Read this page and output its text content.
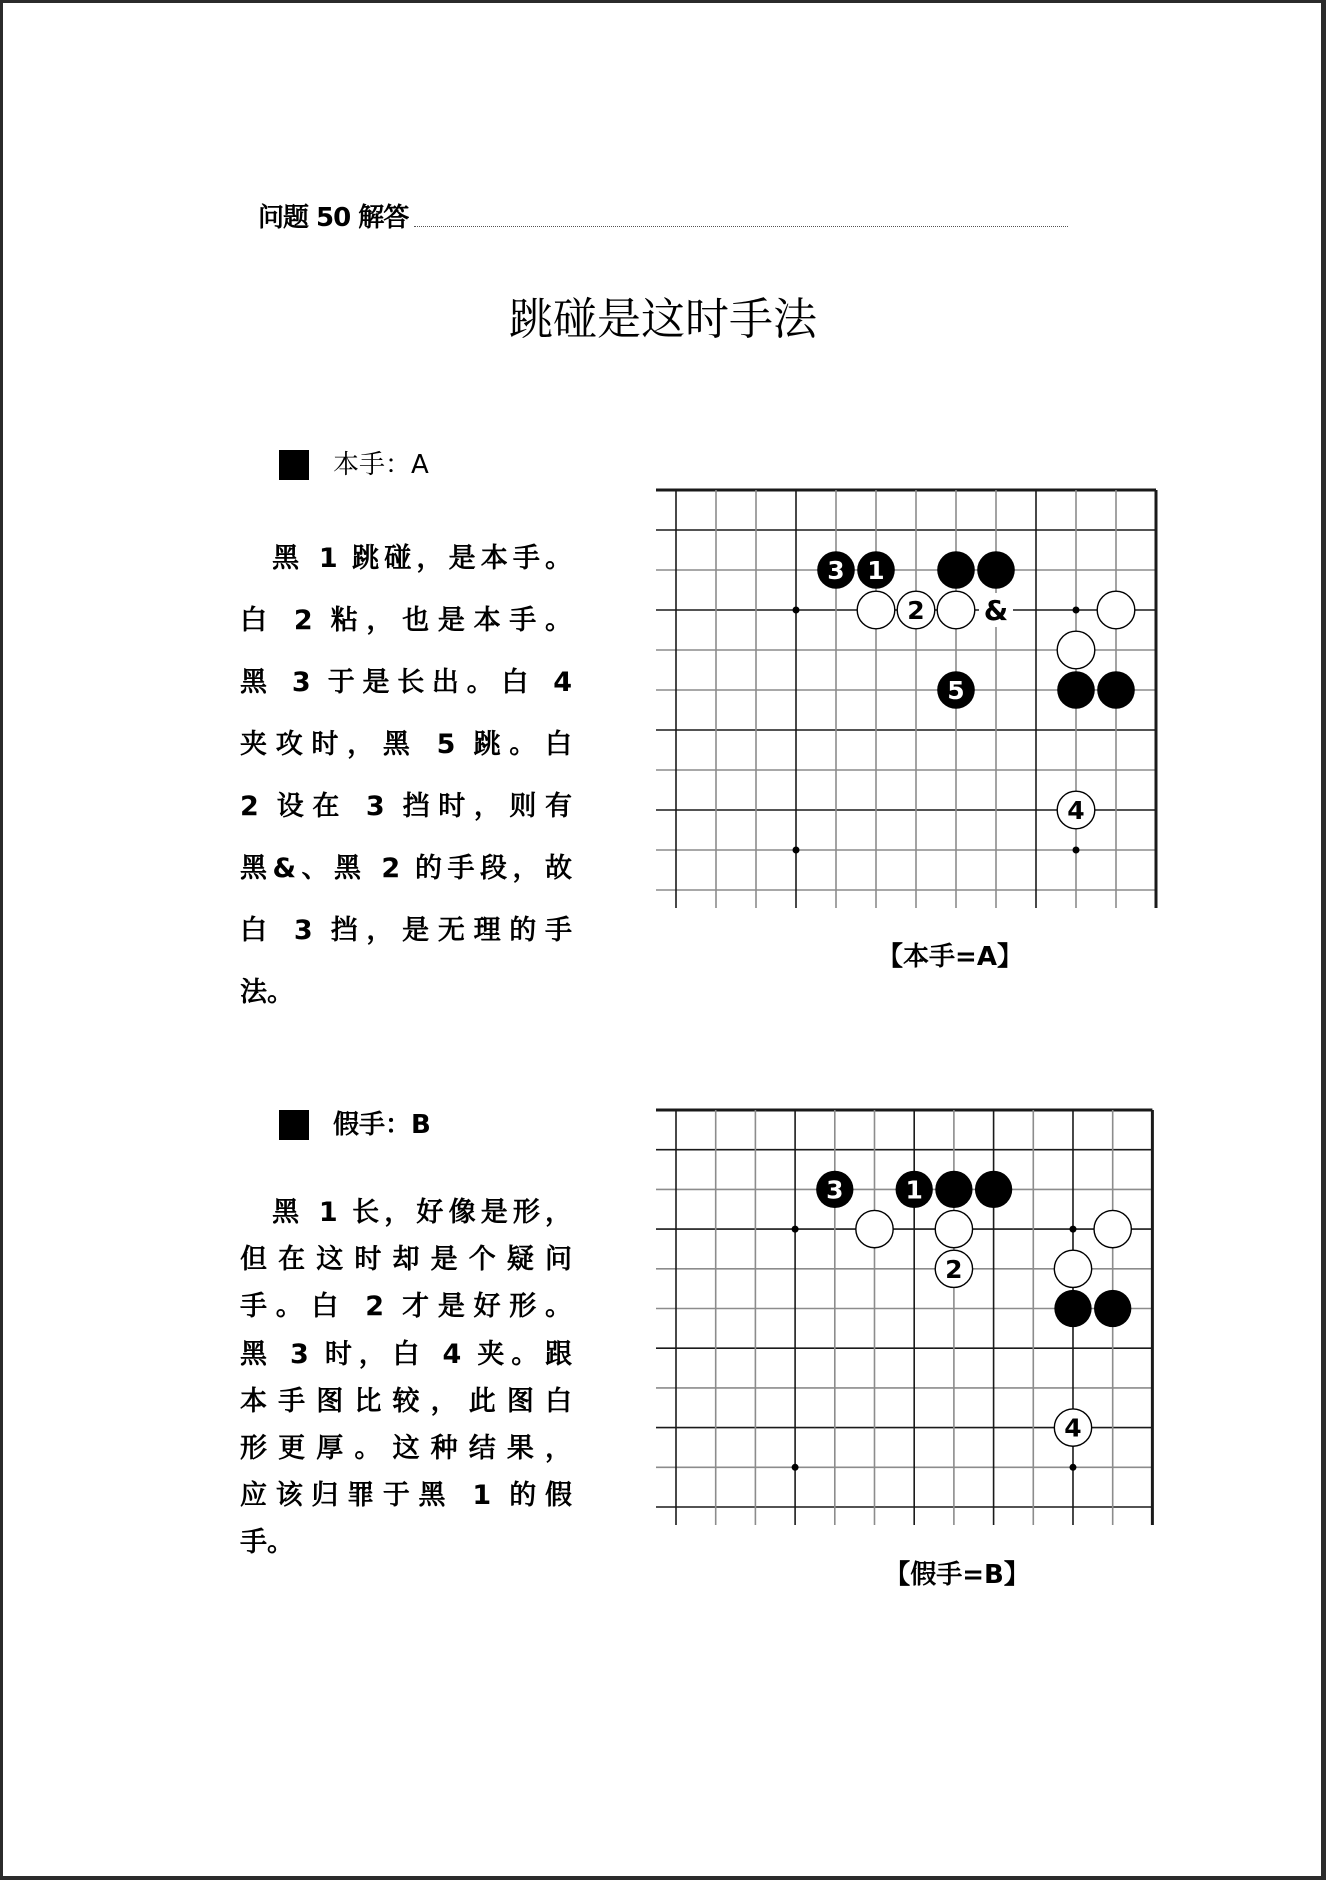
问题 50 解答
跳碰是这时手法
本手：A
　黑 1 跳碰，是本手。
白 2 粘，也是本手。
黑 3 于是长出。白 4
夹攻时，黑 5 跳。白
2 设在 3 挡时，则有
黑&、黑 2 的手段，故
白 3 挡，是无理的手
法。
&
3 1
2
5
4
【本手=A】
假手：B
　黑 1 长，好像是形，
但在这时却是个疑问
手。白 2 才是好形。
黑 3 时，白 4 夹。跟
本手图比较，此图白
形更厚。这种结果，
应该归罪于黑 1 的假
手。
3 1
2
4
【假手=B】
